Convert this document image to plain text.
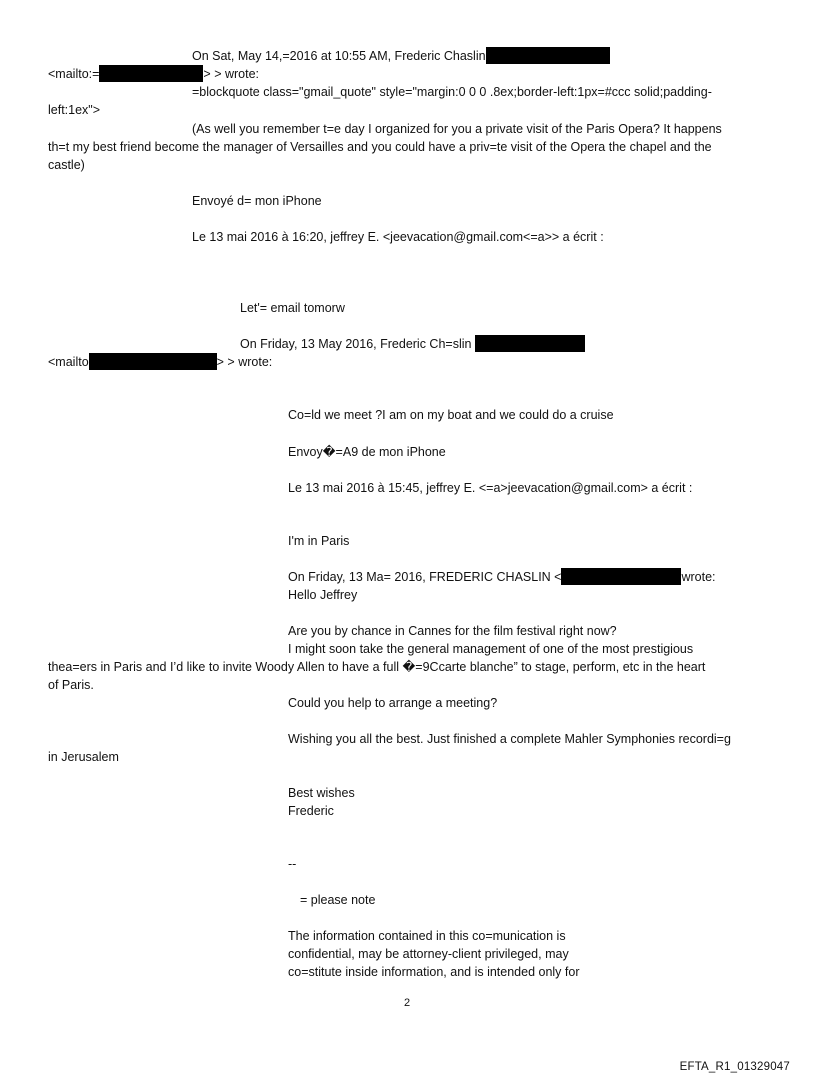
On Sat, May 14,=2016 at 10:55 AM, Frederic Chaslin
<mailto:=	> > wrote:
=blockquote class="gmail_quote" style="margin:0 0 0 .8ex;border-left:1px=#ccc solid;padding-
left:1ex">
(As well you remember t=e day I organized for you a private visit of the Paris Opera? It happens
th=t my best friend become the manager of Versailles and you could have a priv=te visit of the Opera the chapel and the
castle)
Envoyé d= mon iPhone
Le 13 mai 2016 à 16:20, jeffrey E. <jeevacation@gmail.com<=a>> a écrit :
Let'= email tomorw
On Friday, 13 May 2016, Frederic Ch=slin
<mailto	> > wrote:
Co=ld we meet ?I am on my boat and we could do a cruise
Envoy�=A9 de mon iPhone
Le 13 mai 2016 à 15:45, jeffrey E. <=a>jeevacation@gmail.com> a écrit :
I'm in Paris
On Friday, 13 Ma= 2016, FREDERIC CHASLIN <	wrote:
Hello Jeffrey
Are you by chance in Cannes for the film festival right now?
I might soon take the general management of one of the most prestigious
thea=ers in Paris and I’d like to invite Woody Allen to have a full �=9Ccarte blanche” to stage, perform, etc in the heart
of Paris.
Could you help to arrange a meeting?
Wishing you all the best. Just finished a complete Mahler Symphonies recordi=g
in Jerusalem
Best wishes
Frederic
--
= please note
The information contained in this co=munication is
confidential, may be attorney-client privileged, may
co=stitute inside information, and is intended only for
2
EFTA_R1_01329047
